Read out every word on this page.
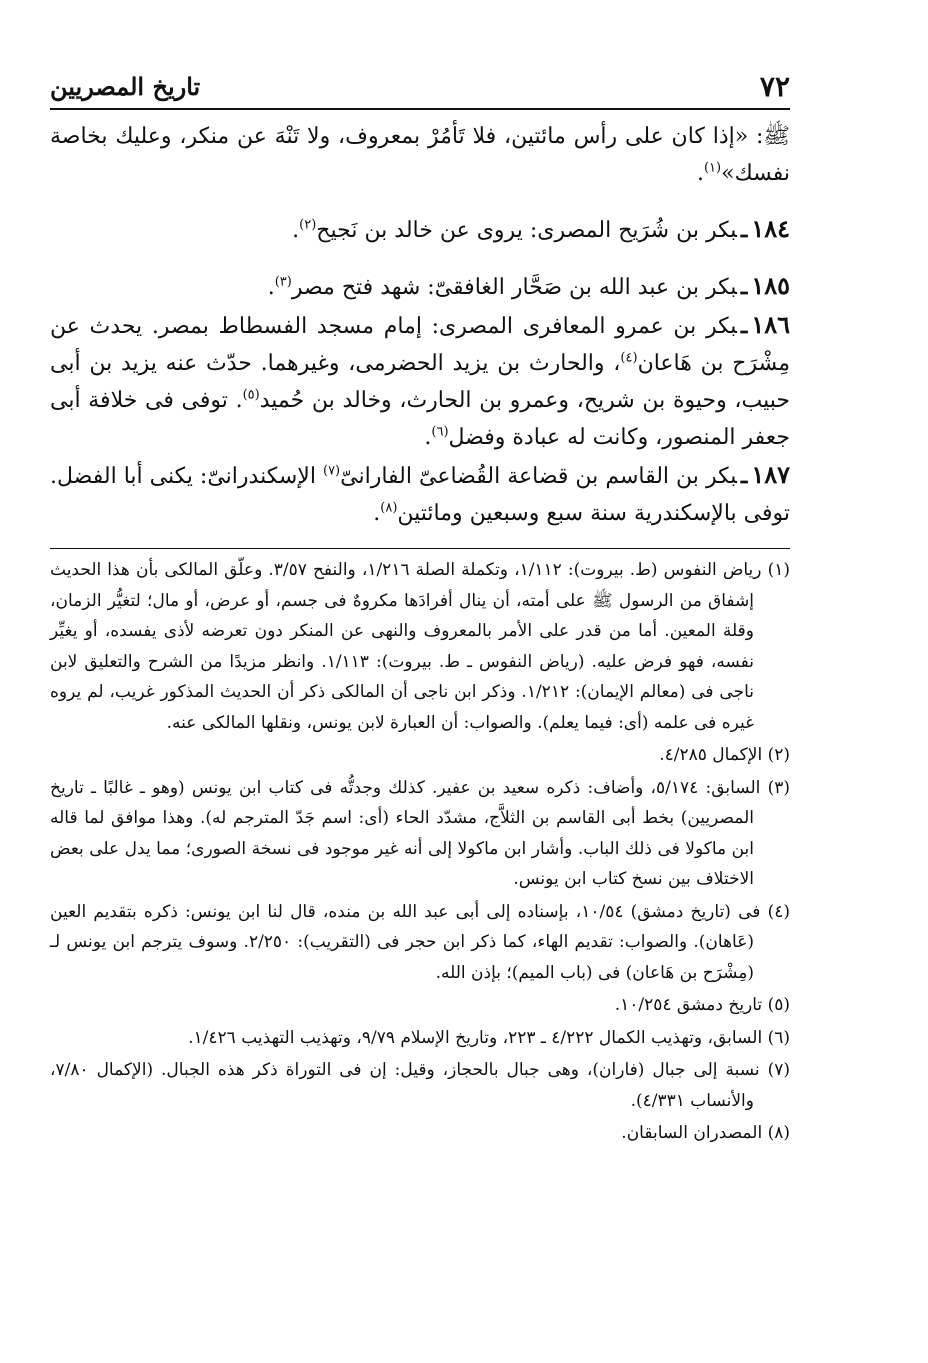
٧٢
تاريخ المصريين

ﷺ: «إذا كان على رأس مائتين، فلا تَأمُرْ بمعروف، ولا تَنْهَ عن منكر، وعليك بخاصة نفسك»$^{(١)}$.

١٨٤ـبكر بن شُرَيح المصرى: يروى عن خالد بن نَجيح$^{(٢)}$.

١٨٥ـبكر بن عبد الله بن صَحَّار الغافقىّ: شهد فتح مصر$^{(٣)}$.

١٨٦ـبكر بن عمرو المعافرى المصرى: إمام مسجد الفسطاط بمصر. يحدث عن مِشْرَح بن هَاعان$^{(٤)}$، والحارث بن يزيد الحضرمى، وغيرهما. حدّث عنه يزيد بن أبى حبيب، وحيوة بن شريح، وعمرو بن الحارث، وخالد بن حُميد$^{(٥)}$. توفى فى خلافة أبى جعفر المنصور، وكانت له عبادة وفضل$^{(٦)}$.

١٨٧ـبكر بن القاسم بن قضاعة القُضاعىّ الفارانىّ$^{(٧)}$ الإسكندرانىّ: يكنى أبا الفضل. توفى بالإسكندرية سنة سبع وسبعين ومائتين$^{(٨)}$.

(١) رياض النفوس (ط. بيروت): ١/١١٢، وتكملة الصلة ١/٢١٦، والنفح ٣/٥٧. وعلّق المالكى بأن هذا الحديث إشفاق من الرسول ﷺ على أمته، أن ينال أفرادَها مكروهٌ فى جسم، أو عرض، أو مال؛ لتغيُّر الزمان، وقلة المعين. أما من قدر على الأمر بالمعروف والنهى عن المنكر دون تعرضه لأذى يفسده، أو يغيِّر نفسه، فهو فرض عليه. (رياض النفوس ـ ط. بيروت): ١/١١٣. وانظر مزيدًا من الشرح والتعليق لابن ناجى فى (معالم الإيمان): ١/٢١٢. وذكر ابن ناجى أن المالكى ذكر أن الحديث المذكور غريب، لم يروه غيره فى علمه (أى: فيما يعلم). والصواب: أن العبارة لابن يونس، ونقلها المالكى عنه.

(٢) الإكمال ٤/٢٨٥.

(٣) السابق: ٥/١٧٤، وأضاف: ذكره سعيد بن عفير. كذلك وجدتُّه فى كتاب ابن يونس (وهو ـ غالبًا ـ تاريخ المصريين) بخط أبى القاسم بن الثلاَّج، مشدّد الحاء (أى: اسم جَدّ المترجم له). وهذا موافق لما قاله ابن ماكولا فى ذلك الباب. وأشار ابن ماكولا إلى أنه غير موجود فى نسخة الصورى؛ مما يدل على بعض الاختلاف بين نسخ كتاب ابن يونس.

(٤) فى (تاريخ دمشق) ١٠/٥٤، بإسناده إلى أبى عبد الله بن منده، قال لنا ابن يونس: ذكره بتقديم العين (عَاهان). والصواب: تقديم الهاء، كما ذكر ابن حجر فى (التقريب): ٢/٢٥٠. وسوف يترجم ابن يونس لـ (مِشْرَح بن هَاعان) فى (باب الميم)؛ بإذن الله.

(٥) تاريخ دمشق ١٠/٢٥٤.

(٦) السابق، وتهذيب الكمال ٤/٢٢٢ ـ ٢٢٣، وتاريخ الإسلام ٩/٧٩، وتهذيب التهذيب ١/٤٢٦.

(٧) نسبة إلى جبال (فاران)، وهى جبال بالحجاز، وقيل: إن فى التوراة ذكر هذه الجبال. (الإكمال ٧/٨٠، والأنساب ٤/٣٣١).

(٨) المصدران السابقان.
